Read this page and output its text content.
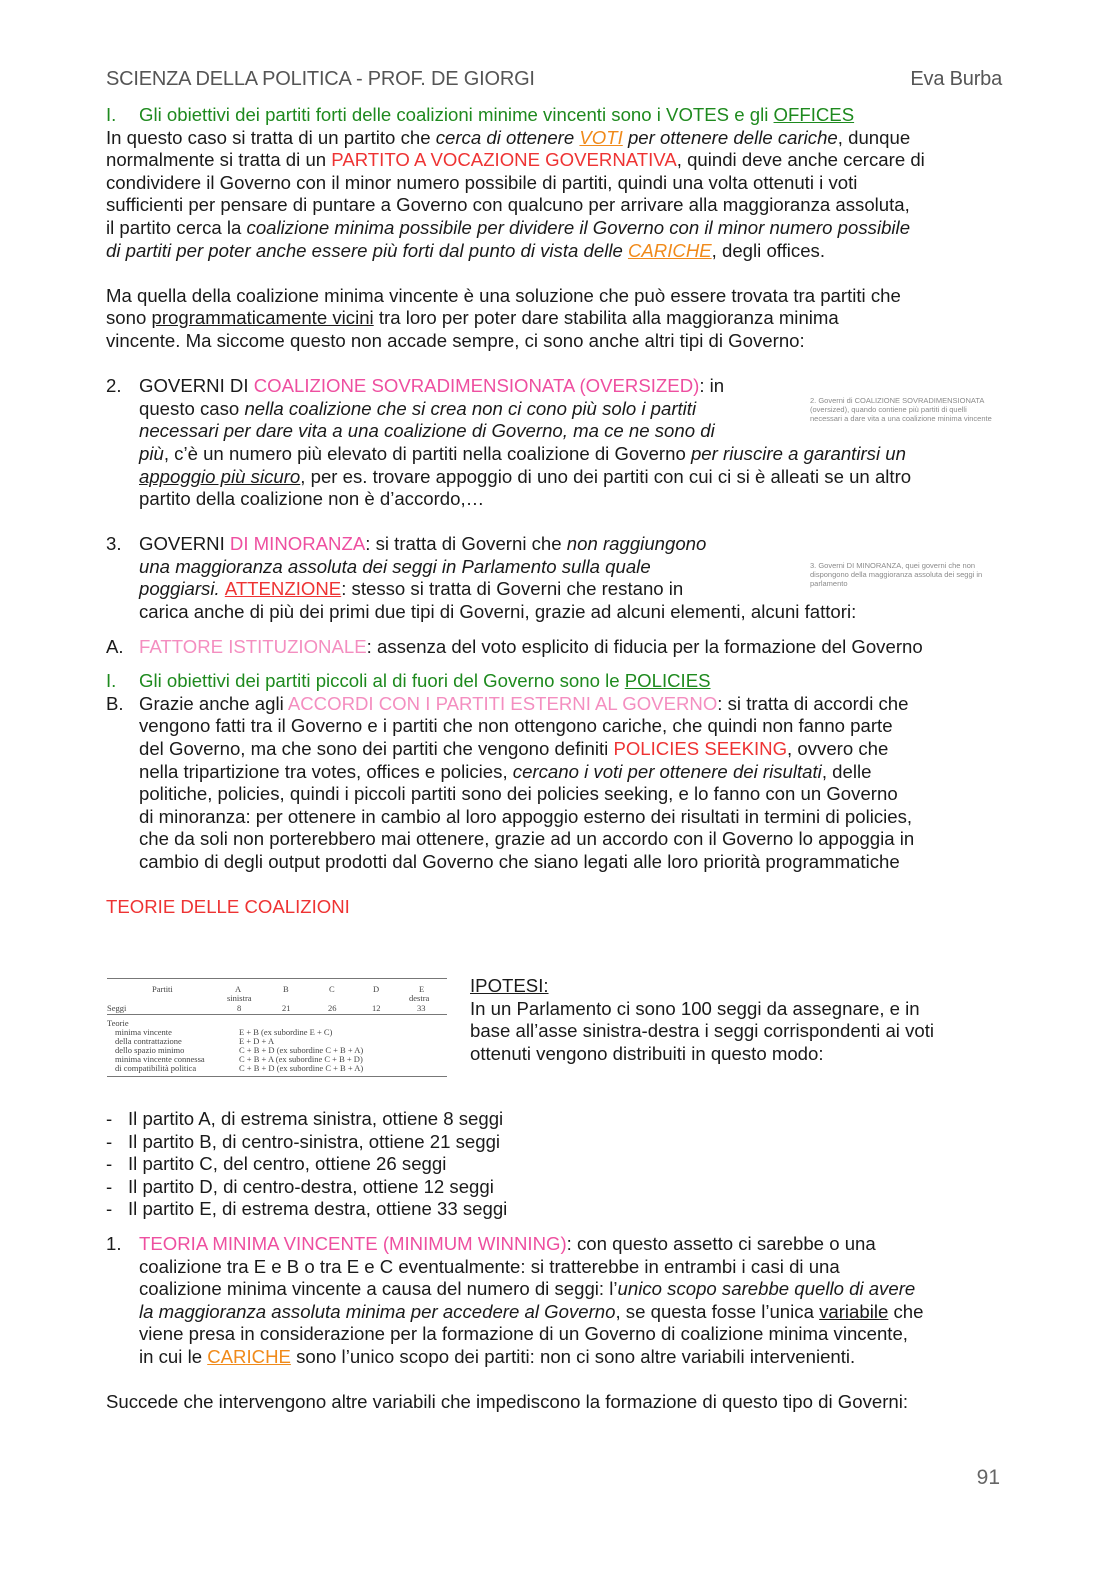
SCIENZA DELLA POLITICA - PROF. DE GIORGI	Eva Burba
I. Gli obiettivi dei partiti forti delle coalizioni minime vincenti sono i VOTES e gli OFFICES
In questo caso si tratta di un partito che cerca di ottenere VOTI per ottenere delle cariche, dunque
normalmente si tratta di un PARTITO A VOCAZIONE GOVERNATIVA, quindi deve anche cercare di
condividere il Governo con il minor numero possibile di partiti, quindi una volta ottenuti i voti
sufficienti per pensare di puntare a Governo con qualcuno per arrivare alla maggioranza assoluta,
il partito cerca la coalizione minima possibile per dividere il Governo con il minor numero possibile
di partiti per poter anche essere più forti dal punto di vista delle CARICHE, degli offices.
Ma quella della coalizione minima vincente è una soluzione che può essere trovata tra partiti che
sono programmaticamente vicini tra loro per poter dare stabilita alla maggioranza minima
vincente. Ma siccome questo non accade sempre, ci sono anche altri tipi di Governo:
2. GOVERNI DI COALIZIONE SOVRADIMENSIONATA (OVERSIZED): in
questo caso nella coalizione che si crea non ci cono più solo i partiti
necessari per dare vita a una coalizione di Governo, ma ce ne sono di
più, c’è un numero più elevato di partiti nella coalizione di Governo per riuscire a garantirsi un
appoggio più sicuro, per es. trovare appoggio di uno dei partiti con cui ci si è alleati se un altro
partito della coalizione non è d’accordo,…
3. GOVERNI DI MINORANZA: si tratta di Governi che non raggiungono
una maggioranza assoluta dei seggi in Parlamento sulla quale
poggiarsi. ATTENZIONE: stesso si tratta di Governi che restano in
carica anche di più dei primi due tipi di Governi, grazie ad alcuni elementi, alcuni fattori:
A. FATTORE ISTITUZIONALE: assenza del voto esplicito di fiducia per la formazione del Governo
I. Gli obiettivi dei partiti piccoli al di fuori del Governo sono le POLICIES
B. Grazie anche agli ACCORDI CON I PARTITI ESTERNI AL GOVERNO: si tratta di accordi che
vengono fatti tra il Governo e i partiti che non ottengono cariche, che quindi non fanno parte
del Governo, ma che sono dei partiti che vengono definiti POLICIES SEEKING, ovvero che
nella tripartizione tra votes, offices e policies, cercano i voti per ottenere dei risultati, delle
politiche, policies, quindi i piccoli partiti sono dei policies seeking, e lo fanno con un Governo
di minoranza: per ottenere in cambio al loro appoggio esterno dei risultati in termini di policies,
che da soli non porterebbero mai ottenere, grazie ad un accordo con il Governo lo appoggia in
cambio di degli output prodotti dal Governo che siano legati alle loro priorità programmatiche
TEORIE DELLE COALIZIONI
2. Governi di COALIZIONE SOVRADIMENSIONATA
(oversized), quando contiene più partiti di quelli
necessari a dare vita a una coalizione minima vincente
3. Governi DI MINORANZA, quei governi che non
dispongono della maggioranza assoluta dei seggi in
parlamento
Partiti	A	B	C	D	E
sinistra	destra
Seggi	8	21	26	12	33
Teorie
minima vincente	E + B (ex subordine E + C)
della contrattazione	E + D + A
dello spazio minimo	C + B + D (ex subordine C + B + A)
minima vincente connessa	C + B + A (ex subordine C + B + D)
di compatibilità politica	C + B + D (ex subordine C + B + A)
IPOTESI:
In un Parlamento ci sono 100 seggi da assegnare, e in
base all’asse sinistra-destra i seggi corrispondenti ai voti
ottenuti vengono distribuiti in questo modo:
- Il partito A, di estrema sinistra, ottiene 8 seggi
- Il partito B, di centro-sinistra, ottiene 21 seggi
- Il partito C, del centro, ottiene 26 seggi
- Il partito D, di centro-destra, ottiene 12 seggi
- Il partito E, di estrema destra, ottiene 33 seggi
1. TEORIA MINIMA VINCENTE (MINIMUM WINNING): con questo assetto ci sarebbe o una
coalizione tra E e B o tra E e C eventualmente: si tratterebbe in entrambi i casi di una
coalizione minima vincente a causa del numero di seggi: l’unico scopo sarebbe quello di avere
la maggioranza assoluta minima per accedere al Governo, se questa fosse l’unica variabile che
viene presa in considerazione per la formazione di un Governo di coalizione minima vincente,
in cui le CARICHE sono l’unico scopo dei partiti: non ci sono altre variabili intervenienti.
Succede che intervengono altre variabili che impediscono la formazione di questo tipo di Governi:
91
